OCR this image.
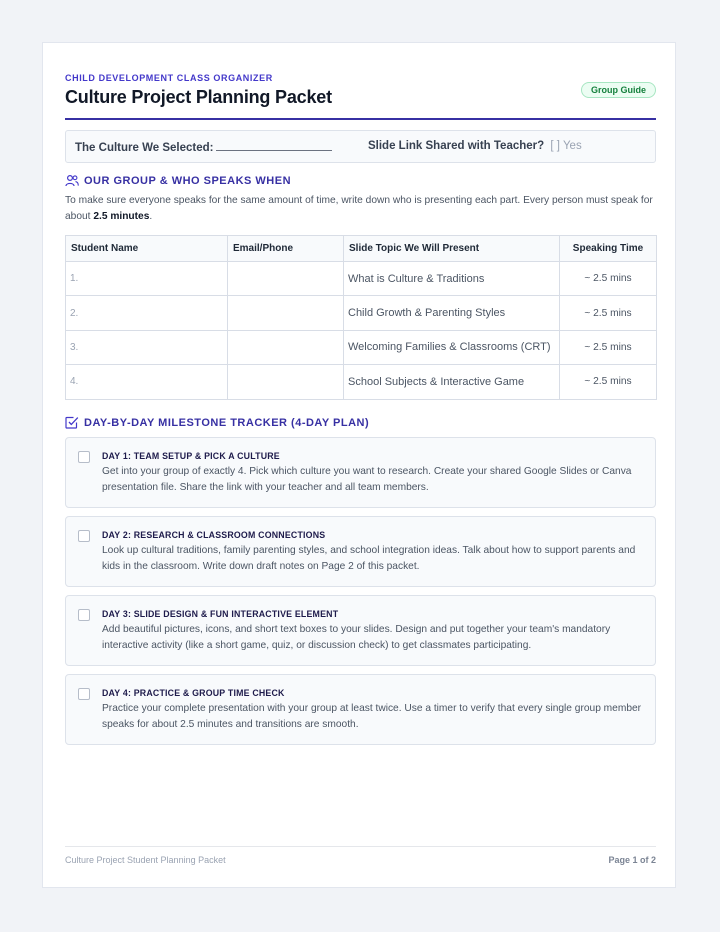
CHILD DEVELOPMENT CLASS ORGANIZER
Culture Project Planning Packet	Group Guide
The Culture We Selected:	Slide Link Shared with Teacher? [ ] Yes
OUR GROUP & WHO SPEAKS WHEN
To make sure everyone speaks for the same amount of time, write down who is presenting each part. Every person must speak for about 2.5 minutes.
Student Name	Email/Phone	Slide Topic We Will Present	Speaking Time
1.		What is Culture & Traditions	~ 2.5 mins
2.		Child Growth & Parenting Styles	~ 2.5 mins
3.		Welcoming Families & Classrooms (CRT)	~ 2.5 mins
4.		School Subjects & Interactive Game	~ 2.5 mins
DAY-BY-DAY MILESTONE TRACKER (4-DAY PLAN)
DAY 1: TEAM SETUP & PICK A CULTURE
Get into your group of exactly 4. Pick which culture you want to research. Create your shared Google Slides or Canva presentation file. Share the link with your teacher and all team members.
DAY 2: RESEARCH & CLASSROOM CONNECTIONS
Look up cultural traditions, family parenting styles, and school integration ideas. Talk about how to support parents and kids in the classroom. Write down draft notes on Page 2 of this packet.
DAY 3: SLIDE DESIGN & FUN INTERACTIVE ELEMENT
Add beautiful pictures, icons, and short text boxes to your slides. Design and put together your team's mandatory interactive activity (like a short game, quiz, or discussion check) to get classmates participating.
DAY 4: PRACTICE & GROUP TIME CHECK
Practice your complete presentation with your group at least twice. Use a timer to verify that every single group member speaks for about 2.5 minutes and transitions are smooth.
Culture Project Student Planning Packet	Page 1 of 2
